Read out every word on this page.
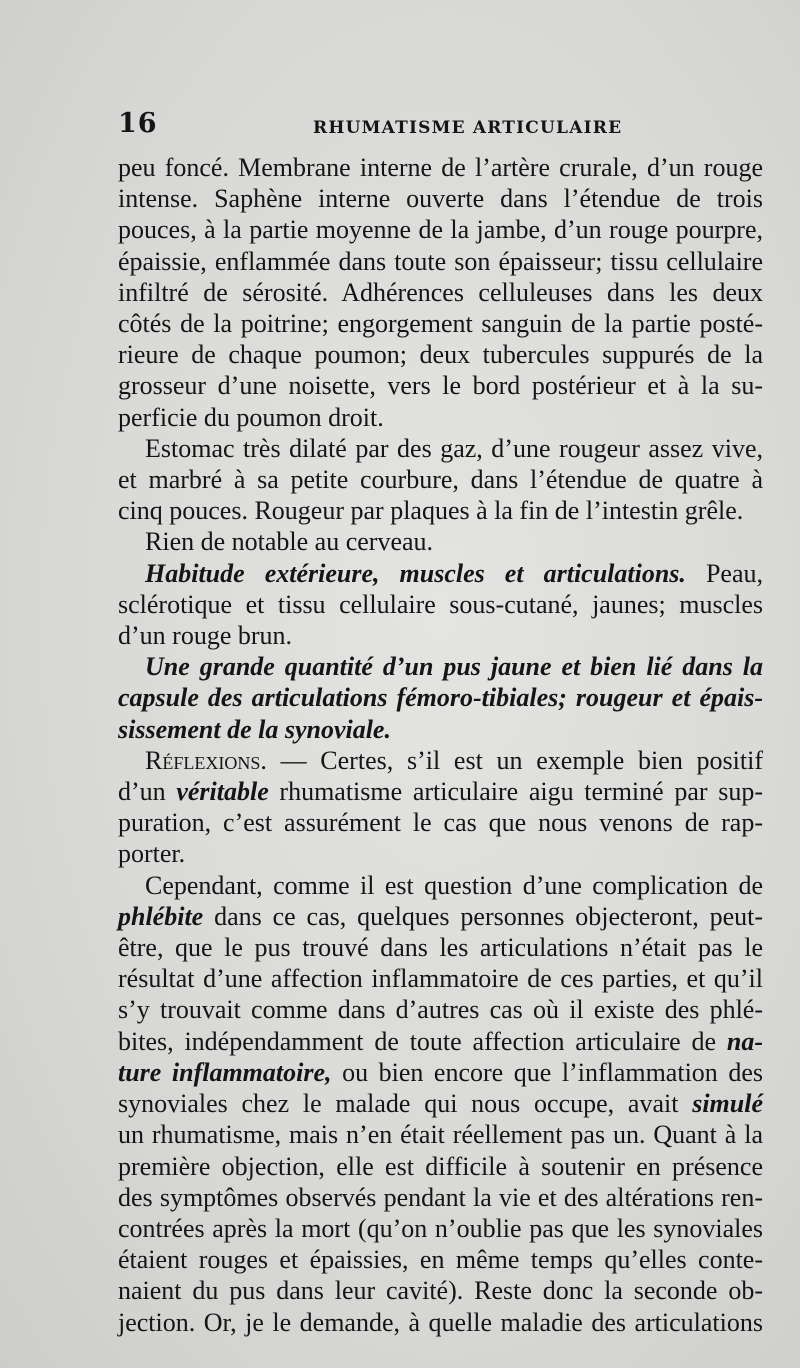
16	RHUMATISME ARTICULAIRE

peu foncé. Membrane interne de l’artère crurale, d’un rouge

intense. Saphène interne ouverte dans l’étendue de trois

pouces, à la partie moyenne de la jambe, d’un rouge pourpre,

épaissie, enflammée dans toute son épaisseur; tissu cellulaire

infiltré de sérosité. Adhérences celluleuses dans les deux

côtés de la poitrine; engorgement sanguin de la partie posté-

rieure de chaque poumon; deux tubercules suppurés de la

grosseur d’une noisette, vers le bord postérieur et à la su-

perficie du poumon droit.

Estomac très dilaté par des gaz, d’une rougeur assez vive,

et marbré à sa petite courbure, dans l’étendue de quatre à

cinq pouces. Rougeur par plaques à la fin de l’intestin grêle.

Rien de notable au cerveau.

Habitude extérieure, muscles et articulations. Peau,

sclérotique et tissu cellulaire sous-cutané, jaunes; muscles

d’un rouge brun.

Une grande quantité d’un pus jaune et bien lié dans la

capsule des articulations fémoro-tibiales; rougeur et épais-

sissement de la synoviale.

Réflexions. — Certes, s’il est un exemple bien positif

d’un véritable rhumatisme articulaire aigu terminé par sup-

puration, c’est assurément le cas que nous venons de rap-

porter.

Cependant, comme il est question d’une complication de

phlébite dans ce cas, quelques personnes objecteront, peut-

être, que le pus trouvé dans les articulations n’était pas le

résultat d’une affection inflammatoire de ces parties, et qu’il

s’y trouvait comme dans d’autres cas où il existe des phlé-

bites, indépendamment de toute affection articulaire de na-

ture inflammatoire, ou bien encore que l’inflammation des

synoviales chez le malade qui nous occupe, avait simulé

un rhumatisme, mais n’en était réellement pas un. Quant à la

première objection, elle est difficile à soutenir en présence

des symptômes observés pendant la vie et des altérations ren-

contrées après la mort (qu’on n’oublie pas que les synoviales

étaient rouges et épaissies, en même temps qu’elles conte-

naient du pus dans leur cavité). Reste donc la seconde ob-

jection. Or, je le demande, à quelle maladie des articulations
